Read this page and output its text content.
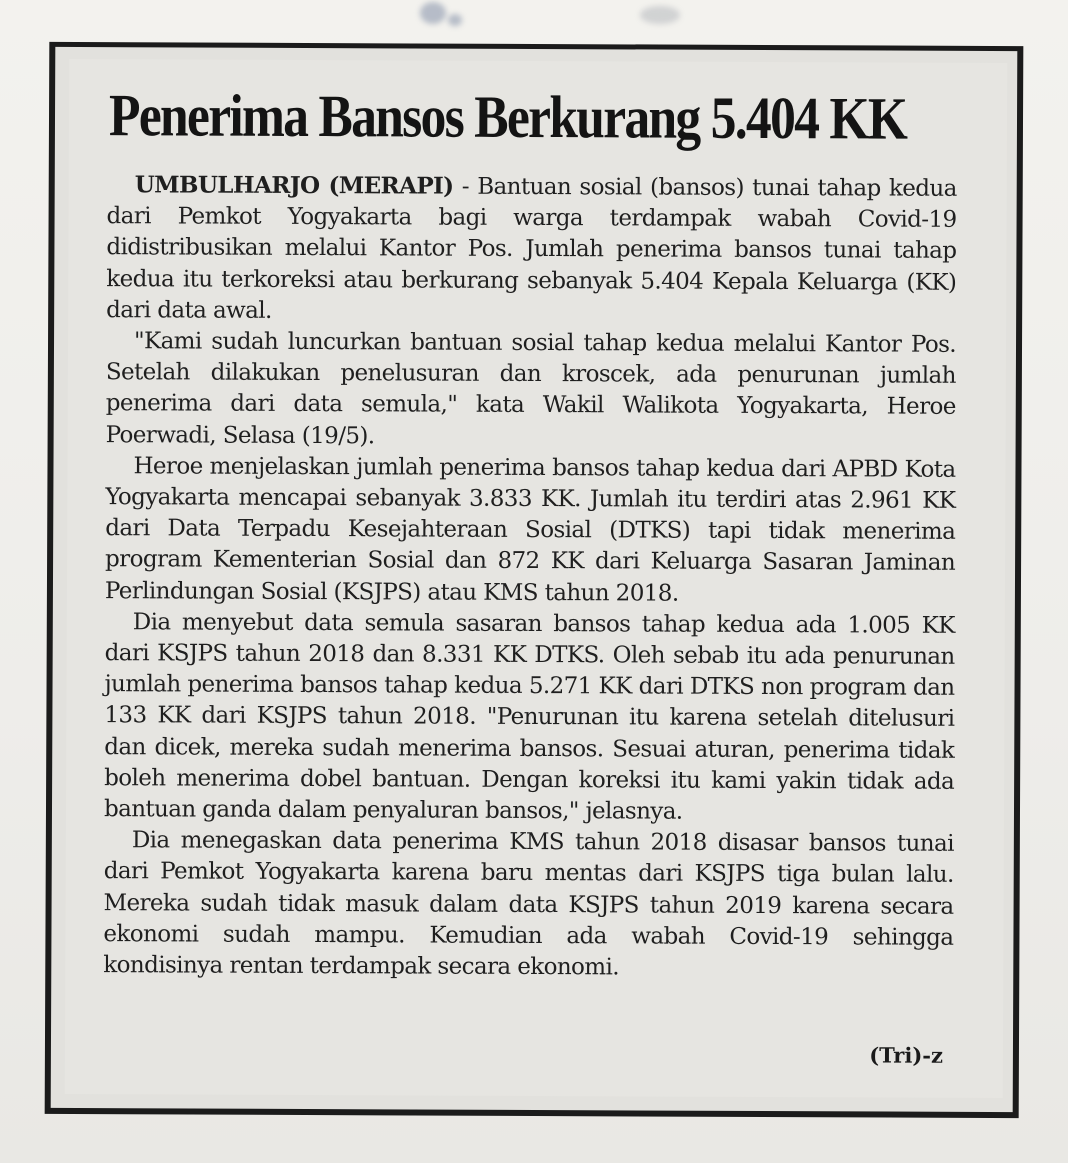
Penerima Bansos Berkurang 5.404 KK

UMBULHARJO (MERAPI) - Bantuan sosial (bansos) tunai tahap kedua dari Pemkot Yogyakarta bagi warga terdampak wabah Covid-19 didistribusikan melalui Kantor Pos. Jumlah penerima bansos tunai tahap kedua itu terkoreksi atau berkurang sebanyak 5.404 Kepala Keluarga (KK) dari data awal.

"Kami sudah luncurkan bantuan sosial tahap kedua melalui Kantor Pos. Setelah dilakukan penelusuran dan kroscek, ada penurunan jumlah penerima dari data semula," kata Wakil Walikota Yogyakarta, Heroe Poerwadi, Selasa (19/5).

Heroe menjelaskan jumlah penerima bansos tahap kedua dari APBD Kota Yogyakarta mencapai sebanyak 3.833 KK. Jumlah itu terdiri atas 2.961 KK dari Data Terpadu Kesejahteraan Sosial (DTKS) tapi tidak menerima program Kementerian Sosial dan 872 KK dari Keluarga Sasaran Jaminan Perlindungan Sosial (KSJPS) atau KMS tahun 2018.

Dia menyebut data semula sasaran bansos tahap kedua ada 1.005 KK dari KSJPS tahun 2018 dan 8.331 KK DTKS. Oleh sebab itu ada penurunan jumlah penerima bansos tahap kedua 5.271 KK dari DTKS non program dan 133 KK dari KSJPS tahun 2018. "Penurunan itu karena setelah ditelusuri dan dicek, mereka sudah menerima bansos. Sesuai aturan, penerima tidak boleh menerima dobel bantuan. Dengan koreksi itu kami yakin tidak ada bantuan ganda dalam penyaluran bansos," jelasnya.

Dia menegaskan data penerima KMS tahun 2018 disasar bansos tunai dari Pemkot Yogyakarta karena baru mentas dari KSJPS tiga bulan lalu. Mereka sudah tidak masuk dalam data KSJPS tahun 2019 karena secara ekonomi sudah mampu. Kemudian ada wabah Covid-19 sehingga kondisinya rentan terdampak secara ekonomi.

(Tri)-z
